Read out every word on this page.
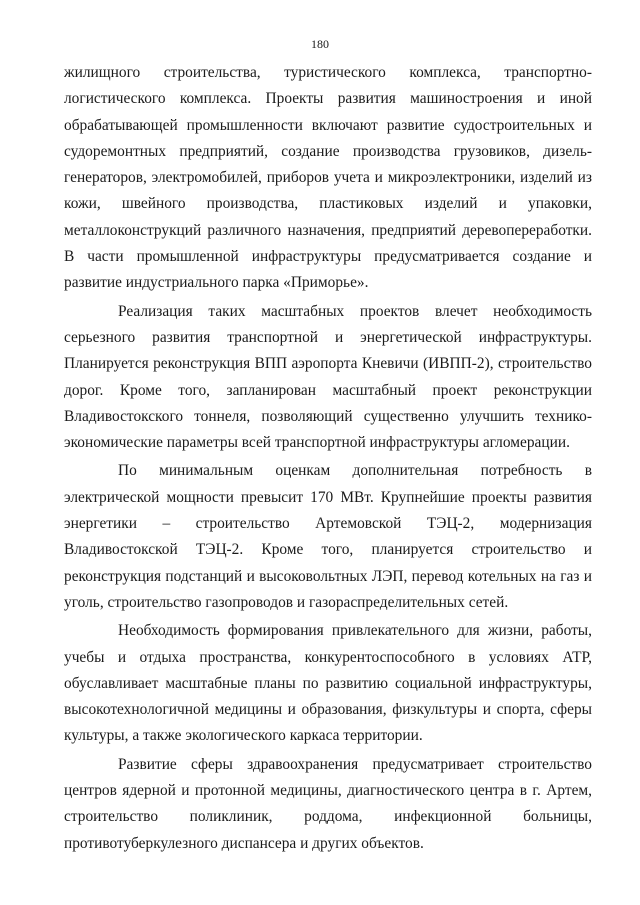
180

жилищного строительства, туристического комплекса, транспортно-логистического комплекса. Проекты развития машиностроения и иной обрабатывающей промышленности включают развитие судостроительных и судоремонтных предприятий, создание производства грузовиков, дизель-генераторов, электромобилей, приборов учета и микроэлектроники, изделий из кожи, швейного производства, пластиковых изделий и упаковки, металлоконструкций различного назначения, предприятий деревопереработки. В части промышленной инфраструктуры предусматривается создание и развитие индустриального парка «Приморье».

Реализация таких масштабных проектов влечет необходимость серьезного развития транспортной и энергетической инфраструктуры. Планируется реконструкция ВПП аэропорта Кневичи (ИВПП-2), строительство дорог. Кроме того, запланирован масштабный проект реконструкции Владивостокского тоннеля, позволяющий существенно улучшить технико-экономические параметры всей транспортной инфраструктуры агломерации.

По минимальным оценкам дополнительная потребность в электрической мощности превысит 170 МВт. Крупнейшие проекты развития энергетики – строительство Артемовской ТЭЦ-2, модернизация Владивостокской ТЭЦ-2. Кроме того, планируется строительство и реконструкция подстанций и высоковольтных ЛЭП, перевод котельных на газ и уголь, строительство газопроводов и газораспределительных сетей.

Необходимость формирования привлекательного для жизни, работы, учебы и отдыха пространства, конкурентоспособного в условиях АТР, обуславливает масштабные планы по развитию социальной инфраструктуры, высокотехнологичной медицины и образования, физкультуры и спорта, сферы культуры, а также экологического каркаса территории.

Развитие сферы здравоохранения предусматривает строительство центров ядерной и протонной медицины, диагностического центра в г. Артем, строительство поликлиник, роддома, инфекционной больницы, противотуберкулезного диспансера и других объектов.
